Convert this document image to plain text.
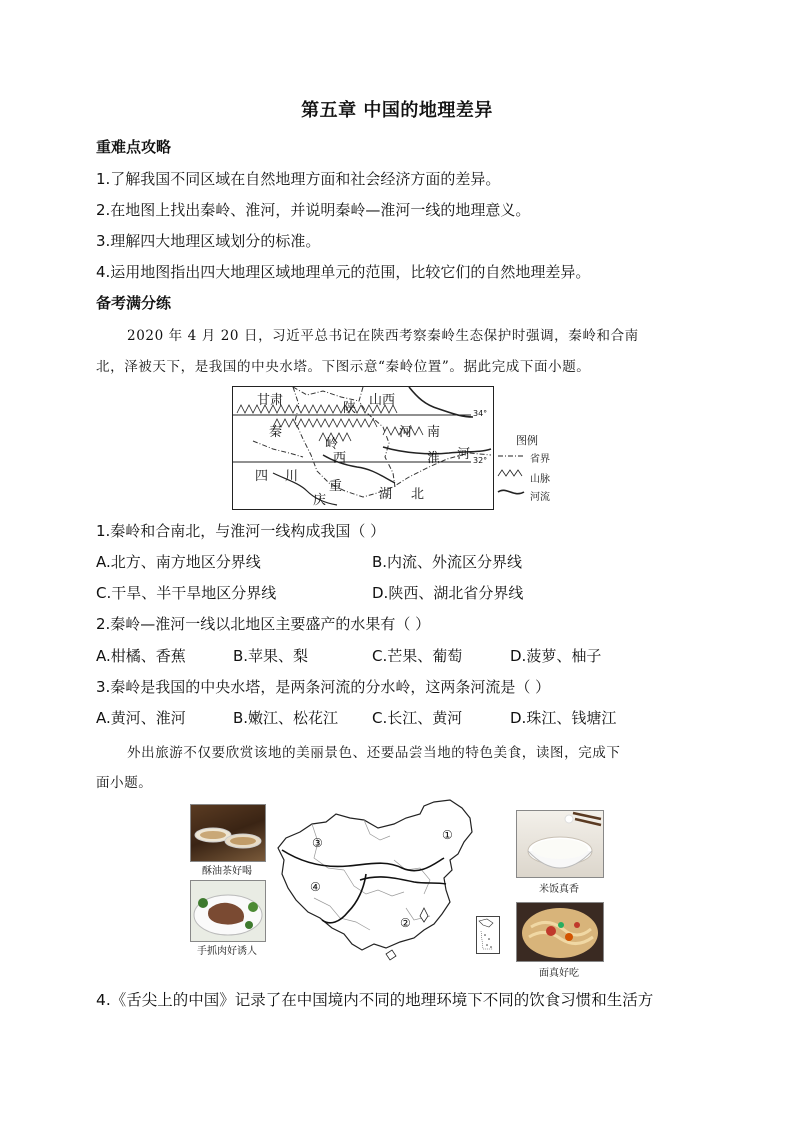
第五章 中国的地理差异
重难点攻略
1.了解我国不同区域在自然地理方面和社会经济方面的差异。
2.在地图上找出秦岭、淮河，并说明秦岭—淮河一线的地理意义。
3.理解四大地理区域划分的标准。
4.运用地图指出四大地理区域地理单元的范围，比较它们的自然地理差异。
备考满分练
2020 年 4 月 20 日，习近平总书记在陕西考察秦岭生态保护时强调，秦岭和合南
北，泽被天下，是我国的中央水塔。下图示意“秦岭位置”。据此完成下面小题。
甘肃
陕
山西
秦
岭
西
河 南
淮 河
四 川
重
庆	湖 北
34°
32°
图例
省界
山脉
河流
1.秦岭和合南北，与淮河一线构成我国（ ）
A.北方、南方地区分界线	B.内流、外流区分界线
C.干旱、半干旱地区分界线	D.陕西、湖北省分界线
2.秦岭—淮河一线以北地区主要盛产的水果有（ ）
A.柑橘、香蕉	B.苹果、梨	C.芒果、葡萄	D.菠萝、柚子
3.秦岭是我国的中央水塔，是两条河流的分水岭，这两条河流是（ ）
A.黄河、淮河	B.嫩江、松花江 C.长江、黄河	D.珠江、钱塘江
外出旅游不仅要欣赏该地的美丽景色、还要品尝当地的特色美食，读图，完成下
面小题。
酥油茶好喝
手抓肉好诱人
①
②
③
④	米饭真香
面真好吃
4.《舌尖上的中国》记录了在中国境内不同的地理环境下不同的饮食习惯和生活方
